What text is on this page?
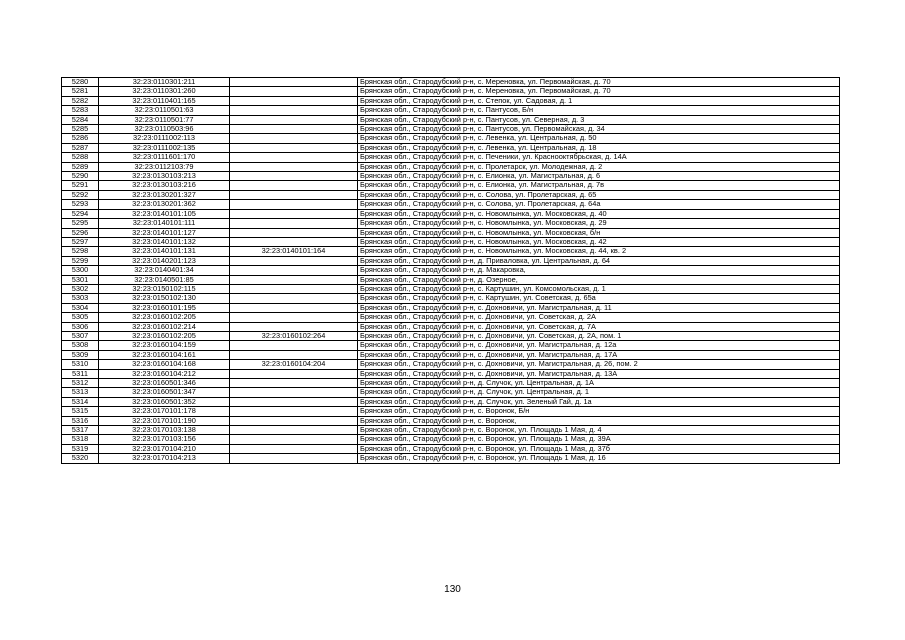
5280	32:23:0110301:211		Брянская обл., Стародубский р-н, с. Мереновка, ул. Первомайская, д. 70
5281	32:23:0110301:260		Брянская обл., Стародубский р-н, с. Мереновка, ул. Первомайская, д. 70
5282	32:23:0110401:165		Брянская обл., Стародубский р-н, с. Степок, ул. Садовая, д. 1
5283	32:23:0110501:63		Брянская обл., Стародубский р-н, с. Пантусов, Б/н
5284	32:23:0110501:77		Брянская обл., Стародубский р-н, с. Пантусов, ул. Северная, д. 3
5285	32:23:0110503:96		Брянская обл., Стародубский р-н, с. Пантусов, ул. Первомайская, д. 34
5286	32:23:0111002:113		Брянская обл., Стародубский р-н, с. Левенка, ул. Центральная, д. 50
5287	32:23:0111002:135		Брянская обл., Стародубский р-н, с. Левенка, ул. Центральная, д. 18
5288	32:23:0111601:170		Брянская обл., Стародубский р-н, с. Печеники, ул. Краснооктябрьская, д. 14А
5289	32:23:0112103:79		Брянская обл., Стародубский р-н, с. Пролетарск, ул. Молодежная, д. 2
5290	32:23:0130103:213		Брянская обл., Стародубский р-н, с. Елионка, ул. Магистральная, д. 6
5291	32:23:0130103:216		Брянская обл., Стародубский р-н, с. Елионка, ул. Магистральная, д. 7в
5292	32:23:0130201:327		Брянская обл., Стародубский р-н, с. Солова, ул. Пролетарская, д. 65
5293	32:23:0130201:362		Брянская обл., Стародубский р-н, с. Солова, ул. Пролетарская, д. 64а
5294	32:23:0140101:105		Брянская обл., Стародубский р-н, с. Новомлынка, ул. Московская, д. 40
5295	32:23:0140101:111		Брянская обл., Стародубский р-н, с. Новомлынка, ул. Московская, д. 29
5296	32:23:0140101:127		Брянская обл., Стародубский р-н, с. Новомлынка, ул. Московская, б/н
5297	32:23:0140101:132		Брянская обл., Стародубский р-н, с. Новомлынка, ул. Московская, д. 42
5298	32:23:0140101:131	32:23:0140101:164	Брянская обл., Стародубский р-н, с. Новомлынка, ул. Московская, д. 44, кв. 2
5299	32:23:0140201:123		Брянская обл., Стародубский р-н, д. Приваловка, ул. Центральная, д. 64
5300	32:23:0140401:34		Брянская обл., Стародубский р-н, д. Макаровка,
5301	32:23:0140501:85		Брянская обл., Стародубский р-н, д. Озерное,
5302	32:23:0150102:115		Брянская обл., Стародубский р-н, с. Картушин, ул. Комсомольская, д. 1
5303	32:23:0150102:130		Брянская обл., Стародубский р-н, с. Картушин, ул. Советская, д. 65а
5304	32:23:0160101:195		Брянская обл., Стародубский р-н, с. Дохновичи, ул. Магистральная, д. 11
5305	32:23:0160102:205		Брянская обл., Стародубский р-н, с. Дохновичи, ул. Советская, д. 2А
5306	32:23:0160102:214		Брянская обл., Стародубский р-н, с. Дохновичи, ул. Советская, д. 7А
5307	32:23:0160102:205	32:23:0160102:264	Брянская обл., Стародубский р-н, с. Дохновичи, ул. Советская, д. 2А, пом. 1
5308	32:23:0160104:159		Брянская обл., Стародубский р-н, с. Дохновичи, ул. Магистральная, д. 12а
5309	32:23:0160104:161		Брянская обл., Стародубский р-н, с. Дохновичи, ул. Магистральная, д. 17А
5310	32:23:0160104:168	32:23:0160104:204	Брянская обл., Стародубский р-н, с. Дохновичи, ул. Магистральная, д. 26, пом. 2
5311	32:23:0160104:212		Брянская обл., Стародубский р-н, с. Дохновичи, ул. Магистральная, д. 13А
5312	32:23:0160501:346		Брянская обл., Стародубский р-н, д. Случок, ул. Центральная, д. 1А
5313	32:23:0160501:347		Брянская обл., Стародубский р-н, д. Случок, ул. Центральная, д. 1
5314	32:23:0160501:352		Брянская обл., Стародубский р-н, д. Случок, ул. Зеленый Гай, д. 1а
5315	32:23:0170101:178		Брянская обл., Стародубский р-н, с. Воронок, Б/н
5316	32:23:0170101:190		Брянская обл., Стародубский р-н, с. Воронок,
5317	32:23:0170103:138		Брянская обл., Стародубский р-н, с. Воронок, ул. Площадь 1 Мая, д. 4
5318	32:23:0170103:156		Брянская обл., Стародубский р-н, с. Воронок, ул. Площадь 1 Мая, д. 39А
5319	32:23:0170104:210		Брянская обл., Стародубский р-н, с. Воронок, ул. Площадь 1 Мая, д. 37б
5320	32:23:0170104:213		Брянская обл., Стародубский р-н, с. Воронок, ул. Площадь 1 Мая, д. 16
130
